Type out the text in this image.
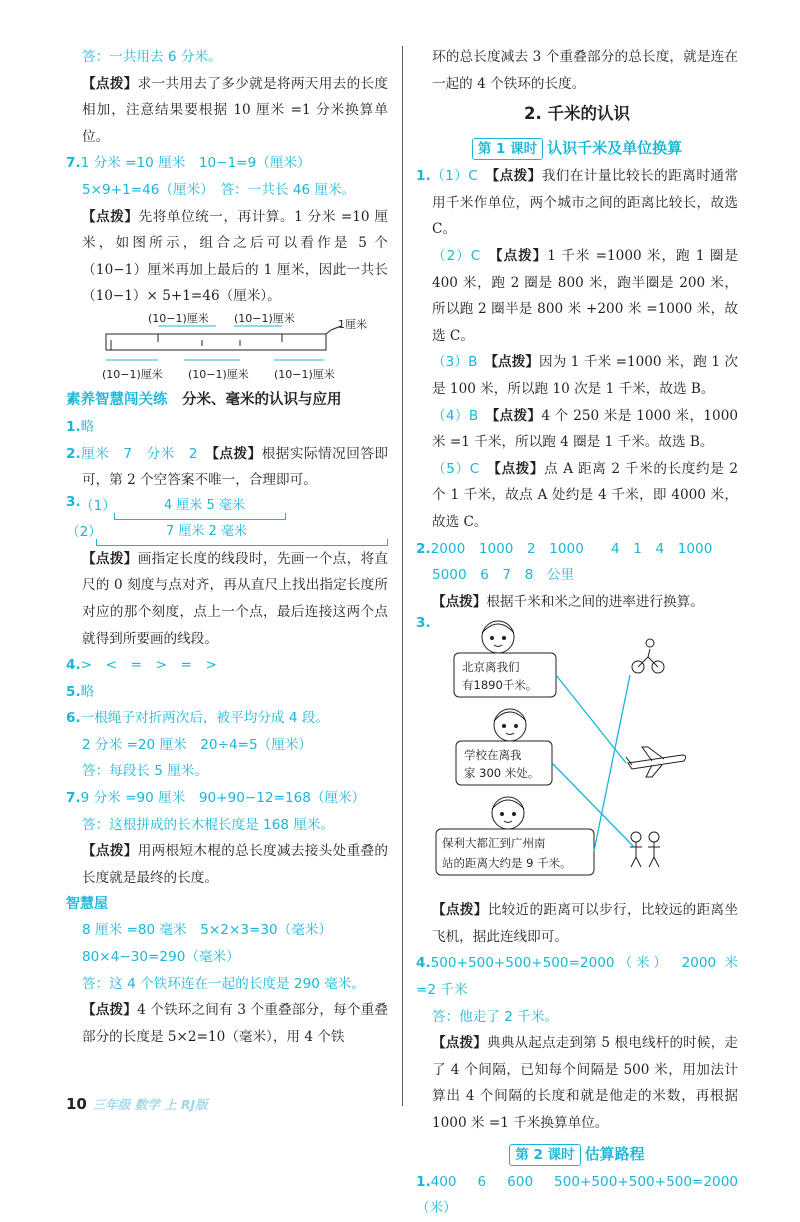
答：一共用去 6 分米。

【点拨】求一共用去了多少就是将两天用去的长度相加，注意结果要根据 10 厘米 =1 分米换算单位。

7.1 分米 =10 厘米　10−1=9（厘米）

5×9+1=46（厘米）　答：一共长 46 厘米。

【点拨】先将单位统一，再计算。1 分米 =10 厘米，如图所示，组合之后可以看作是 5 个（10−1）厘米再加上最后的 1 厘米，因此一共长（10−1）× 5+1=46（厘米）。

(10−1)厘米 (10−1)厘米	1厘米
(10−1)厘米 (10−1)厘米 (10−1)厘米
素养智慧闯关练　 分米、毫米的认识与应用

1.略

2.厘米　7　分米　2　 【点拨】根据实际情况回答即可，第 2 个空答案不唯一，合理即可。

3. （1）	4 厘米 5 毫米
（2）	7 厘米 2 毫米

【点拨】画指定长度的线段时，先画一个点，将直尺的 0 刻度与点对齐，再从直尺上找出指定长度所对应的那个刻度，点上一个点，最后连接这两个点就得到所要画的线段。

4.>　<　=　>　=　>

5.略

6.一根绳子对折两次后，被平均分成 4 段。

2 分米 =20 厘米　20÷4=5（厘米）

答：每段长 5 厘米。

7.9 分米 =90 厘米　90+90−12=168（厘米）

答：这根拼成的长木棍长度是 168 厘米。

【点拨】用两根短木棍的总长度减去接头处重叠的长度就是最终的长度。

智慧屋

8 厘米 =80 毫米　5×2×3=30（毫米）

80×4−30=290（毫米）

答：这 4 个铁环连在一起的长度是 290 毫米。

【点拨】4 个铁环之间有 3 个重叠部分，每个重叠部分的长度是 5×2=10（毫米），用 4 个铁

环的总长度减去 3 个重叠部分的总长度，就是连在一起的 4 个铁环的长度。

2. 千米的认识
第 1 课时 认识千米及单位换算

1.（1）C　 【点拨】我们在计量比较长的距离时通常用千米作单位，两个城市之间的距离比较长，故选 C。

（2）C　 【点拨】1 千米 =1000 米，跑 1 圈是 400 米，跑 2 圈是 800 米，跑半圈是 200 米，所以跑 2 圈半是 800 米 +200 米 =1000 米，故选 C。

（3）B　 【点拨】因为 1 千米 =1000 米，跑 1 次是 100 米，所以跑 10 次是 1 千米，故选 B。

（4）B　 【点拨】4 个 250 米是 1000 米，1000 米 =1 千米，所以跑 4 圈是 1 千米。故选 B。

（5）C　 【点拨】点 A 距离 2 千米的长度约是 2 个 1 千米，故点 A 处约是 4 千米，即 4000 米，故选 C。

2.2000　1000　2　1000　　4　1　4　1000

5000　6　7　8　公里

【点拨】根据千米和米之间的进率进行换算。

3.
北京离我们
有1890千米。
学校在离我
家 300 米处。
保利大都汇到广州南
站的距离大约是 9 千米。

【点拨】比较近的距离可以步行，比较远的距离坐飞机，据此连线即可。

4.500+500+500+500=2000（米）　2000 米 =2 千米

答：他走了 2 千米。

【点拨】典典从起点走到第 5 根电线杆的时候，走了 4 个间隔，已知每个间隔是 500 米，用加法计算出 4 个间隔的长度和就是他走的米数，再根据 1000 米 =1 千米换算单位。

第 2 课时 估算路程

1.400　6　600　500+500+500+500=2000（米）

10 三年级 数学 上 RJ版
